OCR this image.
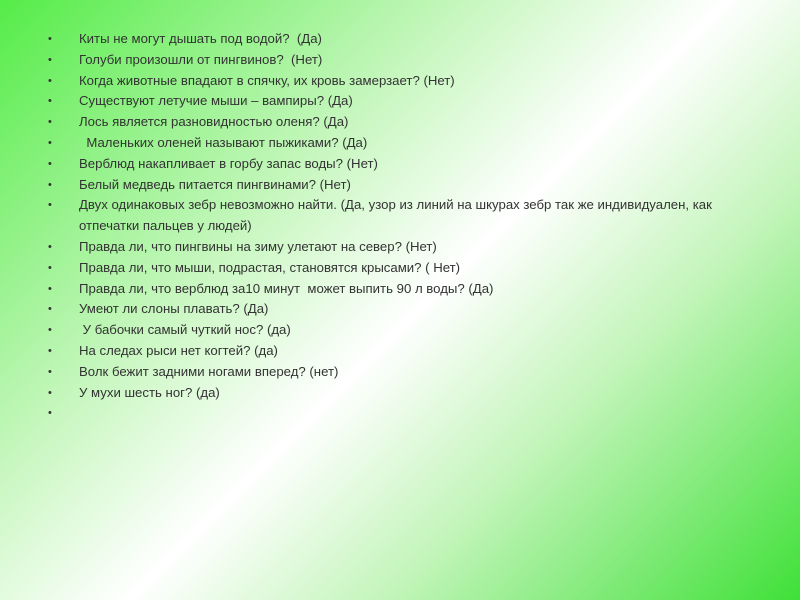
•	Киты не могут дышать под водой?  (Да)
•	Голуби произошли от пингвинов?  (Нет)
•	Когда животные впадают в спячку, их кровь замерзает? (Нет)
•	Существуют летучие мыши – вампиры? (Да)
•	Лось является разновидностью оленя? (Да)
•	Маленьких оленей называют пыжиками? (Да)
•	Верблюд накапливает в горбу запас воды? (Нет)
•	Белый медведь питается пингвинами? (Нет)
•	Двух одинаковых зебр невозможно найти. (Да, узор из линий на шкурах зебр так же индивидуален, как отпечатки пальцев у людей)
•	Правда ли, что пингвины на зиму улетают на север? (Нет)
•	Правда ли, что мыши, подрастая, становятся крысами? ( Нет)
•	Правда ли, что верблюд за10 минут  может выпить 90 л воды? (Да)
•	Умеют ли слоны плавать? (Да)
•	У бабочки самый чуткий нос? (да)
•	На следах рыси нет когтей? (да)
•	Волк бежит задними ногами вперед? (нет)
•	У мухи шесть ног? (да)
•
